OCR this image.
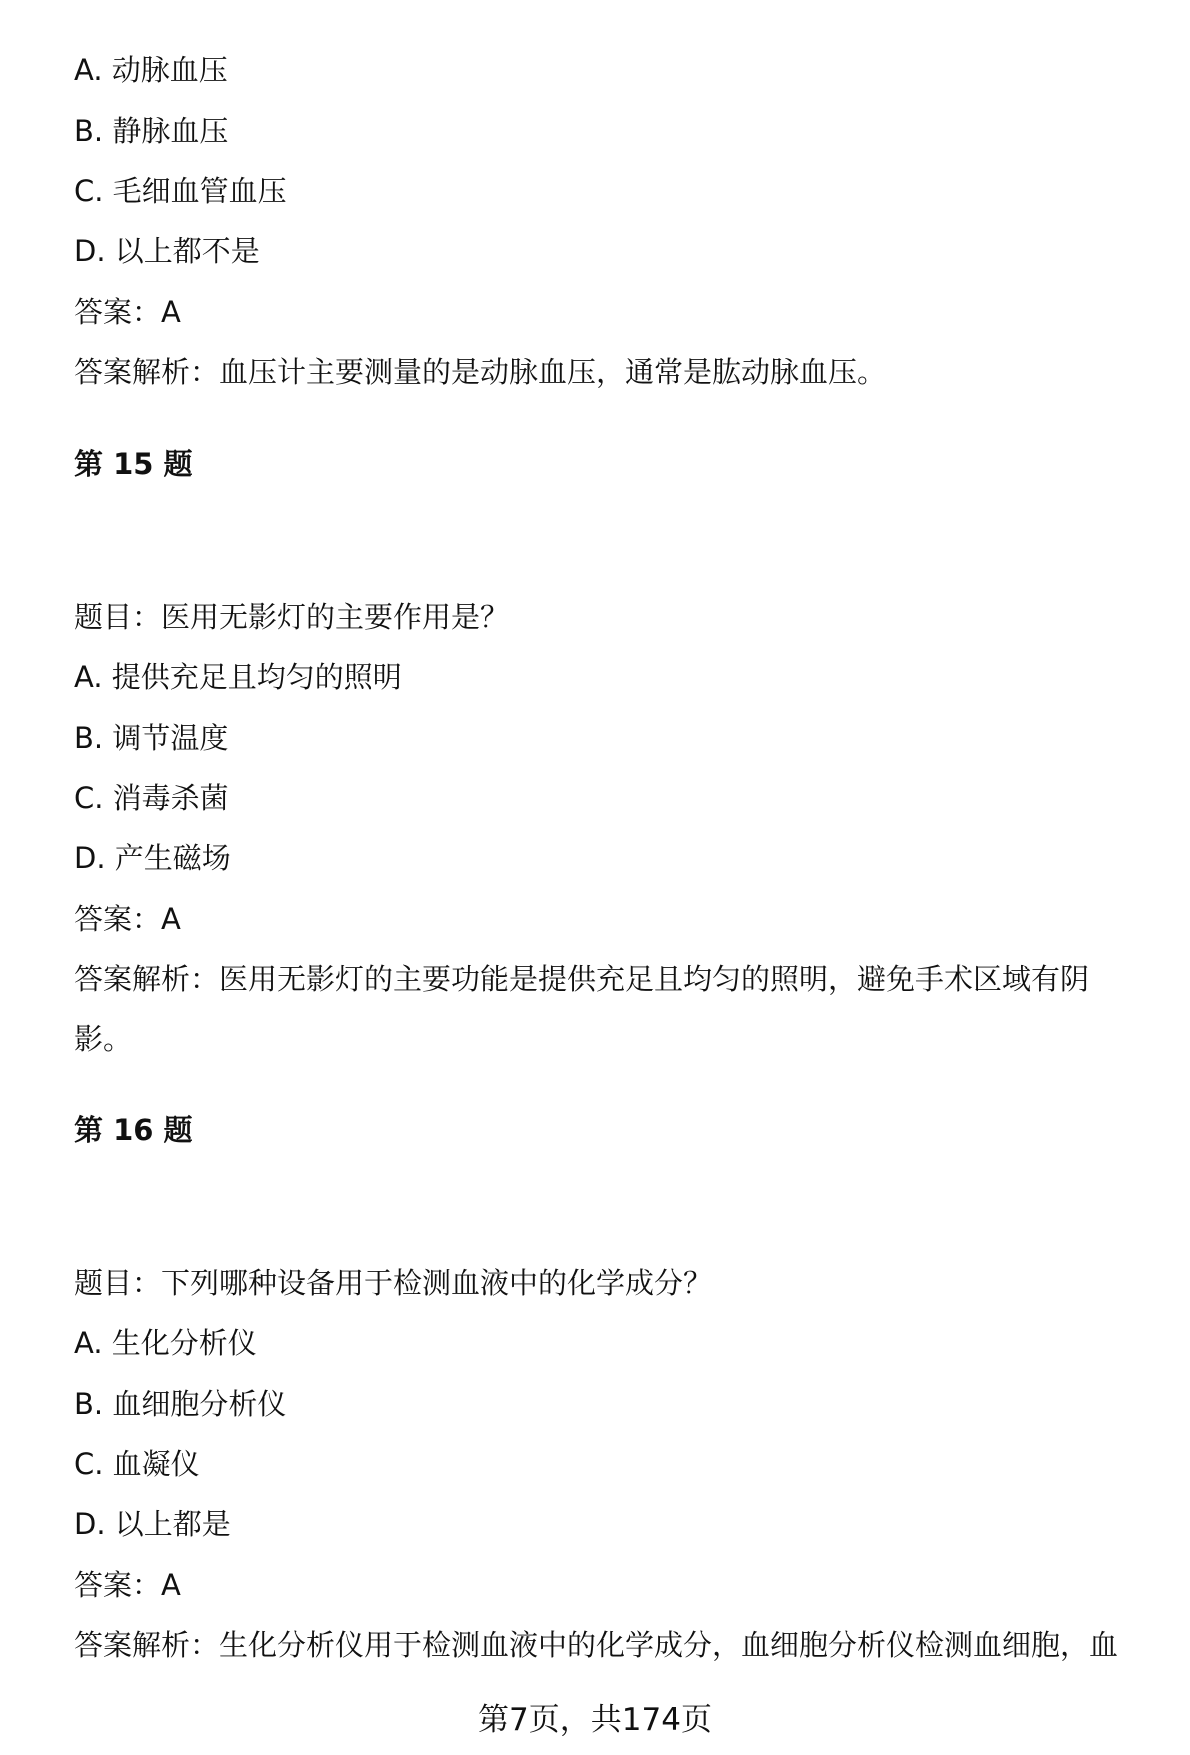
A. 动脉血压
B. 静脉血压
C. 毛细血管血压
D. 以上都不是
答案：A
答案解析：血压计主要测量的是动脉血压，通常是肱动脉血压。
第 15 题
题目：医用无影灯的主要作用是？
A. 提供充足且均匀的照明
B. 调节温度
C. 消毒杀菌
D. 产生磁场
答案：A
答案解析：医用无影灯的主要功能是提供充足且均匀的照明，避免手术区域有阴
影。
第 16 题
题目：下列哪种设备用于检测血液中的化学成分？
A. 生化分析仪
B. 血细胞分析仪
C. 血凝仪
D. 以上都是
答案：A
答案解析：生化分析仪用于检测血液中的化学成分，血细胞分析仪检测血细胞，血
第7页，共174页
